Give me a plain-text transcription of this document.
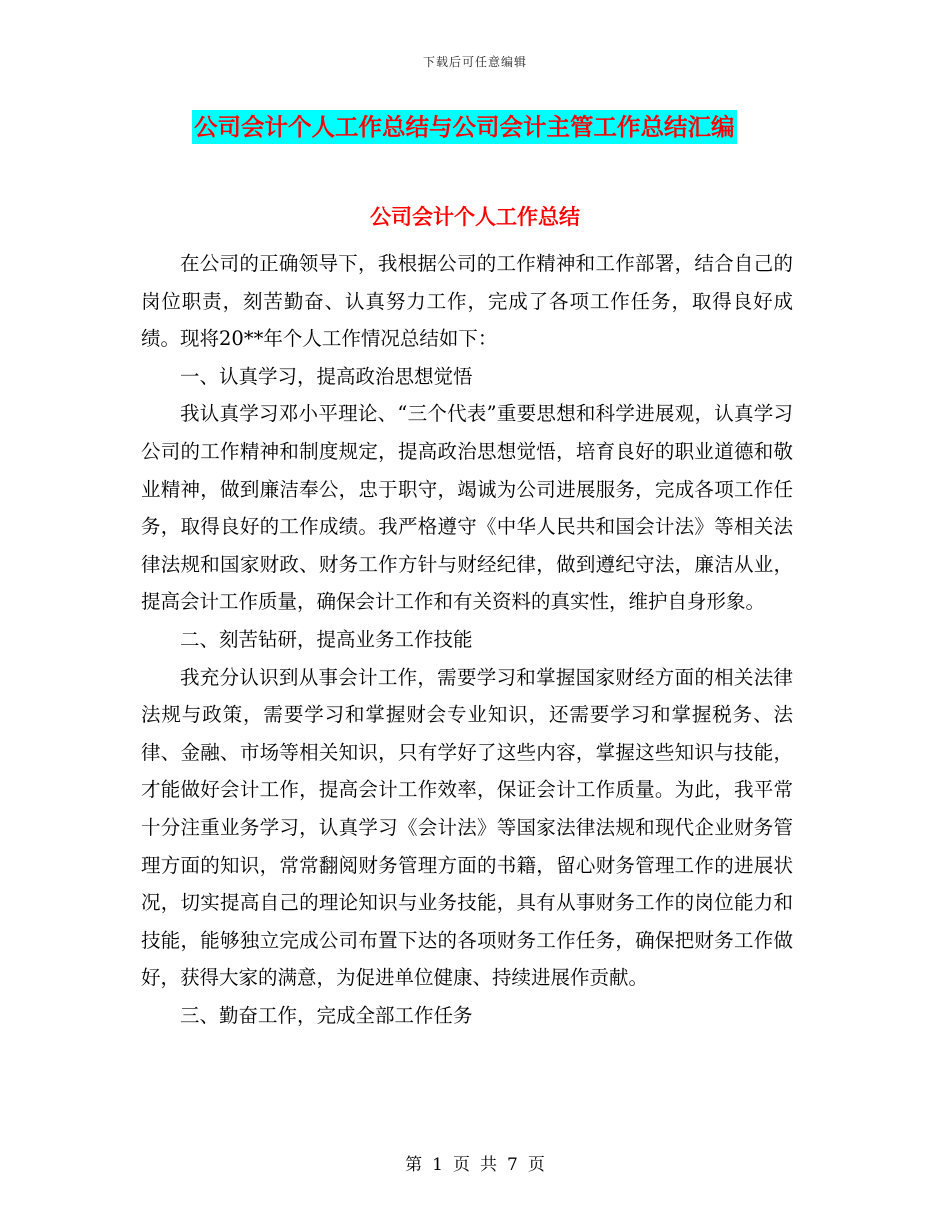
下载后可任意编辑
公司会计个人工作总结与公司会计主管工作总结汇编
公司会计个人工作总结

在公司的正确领导下，我根据公司的工作精神和工作部署，结合自己的岗位职责，刻苦勤奋、认真努力工作，完成了各项工作任务，取得良好成绩。现将20**年个人工作情况总结如下：

一、认真学习，提高政治思想觉悟

我认真学习邓小平理论、“三个代表”重要思想和科学进展观，认真学习公司的工作精神和制度规定，提高政治思想觉悟，培育良好的职业道德和敬业精神，做到廉洁奉公，忠于职守，竭诚为公司进展服务，完成各项工作任务，取得良好的工作成绩。我严格遵守《中华人民共和国会计法》等相关法律法规和国家财政、财务工作方针与财经纪律，做到遵纪守法，廉洁从业，提高会计工作质量，确保会计工作和有关资料的真实性，维护自身形象。

二、刻苦钻研，提高业务工作技能

我充分认识到从事会计工作，需要学习和掌握国家财经方面的相关法律法规与政策，需要学习和掌握财会专业知识，还需要学习和掌握税务、法律、金融、市场等相关知识，只有学好了这些内容，掌握这些知识与技能，才能做好会计工作，提高会计工作效率，保证会计工作质量。为此，我平常十分注重业务学习，认真学习《会计法》等国家法律法规和现代企业财务管理方面的知识，常常翻阅财务管理方面的书籍，留心财务管理工作的进展状况，切实提高自己的理论知识与业务技能，具有从事财务工作的岗位能力和技能，能够独立完成公司布置下达的各项财务工作任务，确保把财务工作做好，获得大家的满意，为促进单位健康、持续进展作贡献。

三、勤奋工作，完成全部工作任务

第 1 页 共 7 页
